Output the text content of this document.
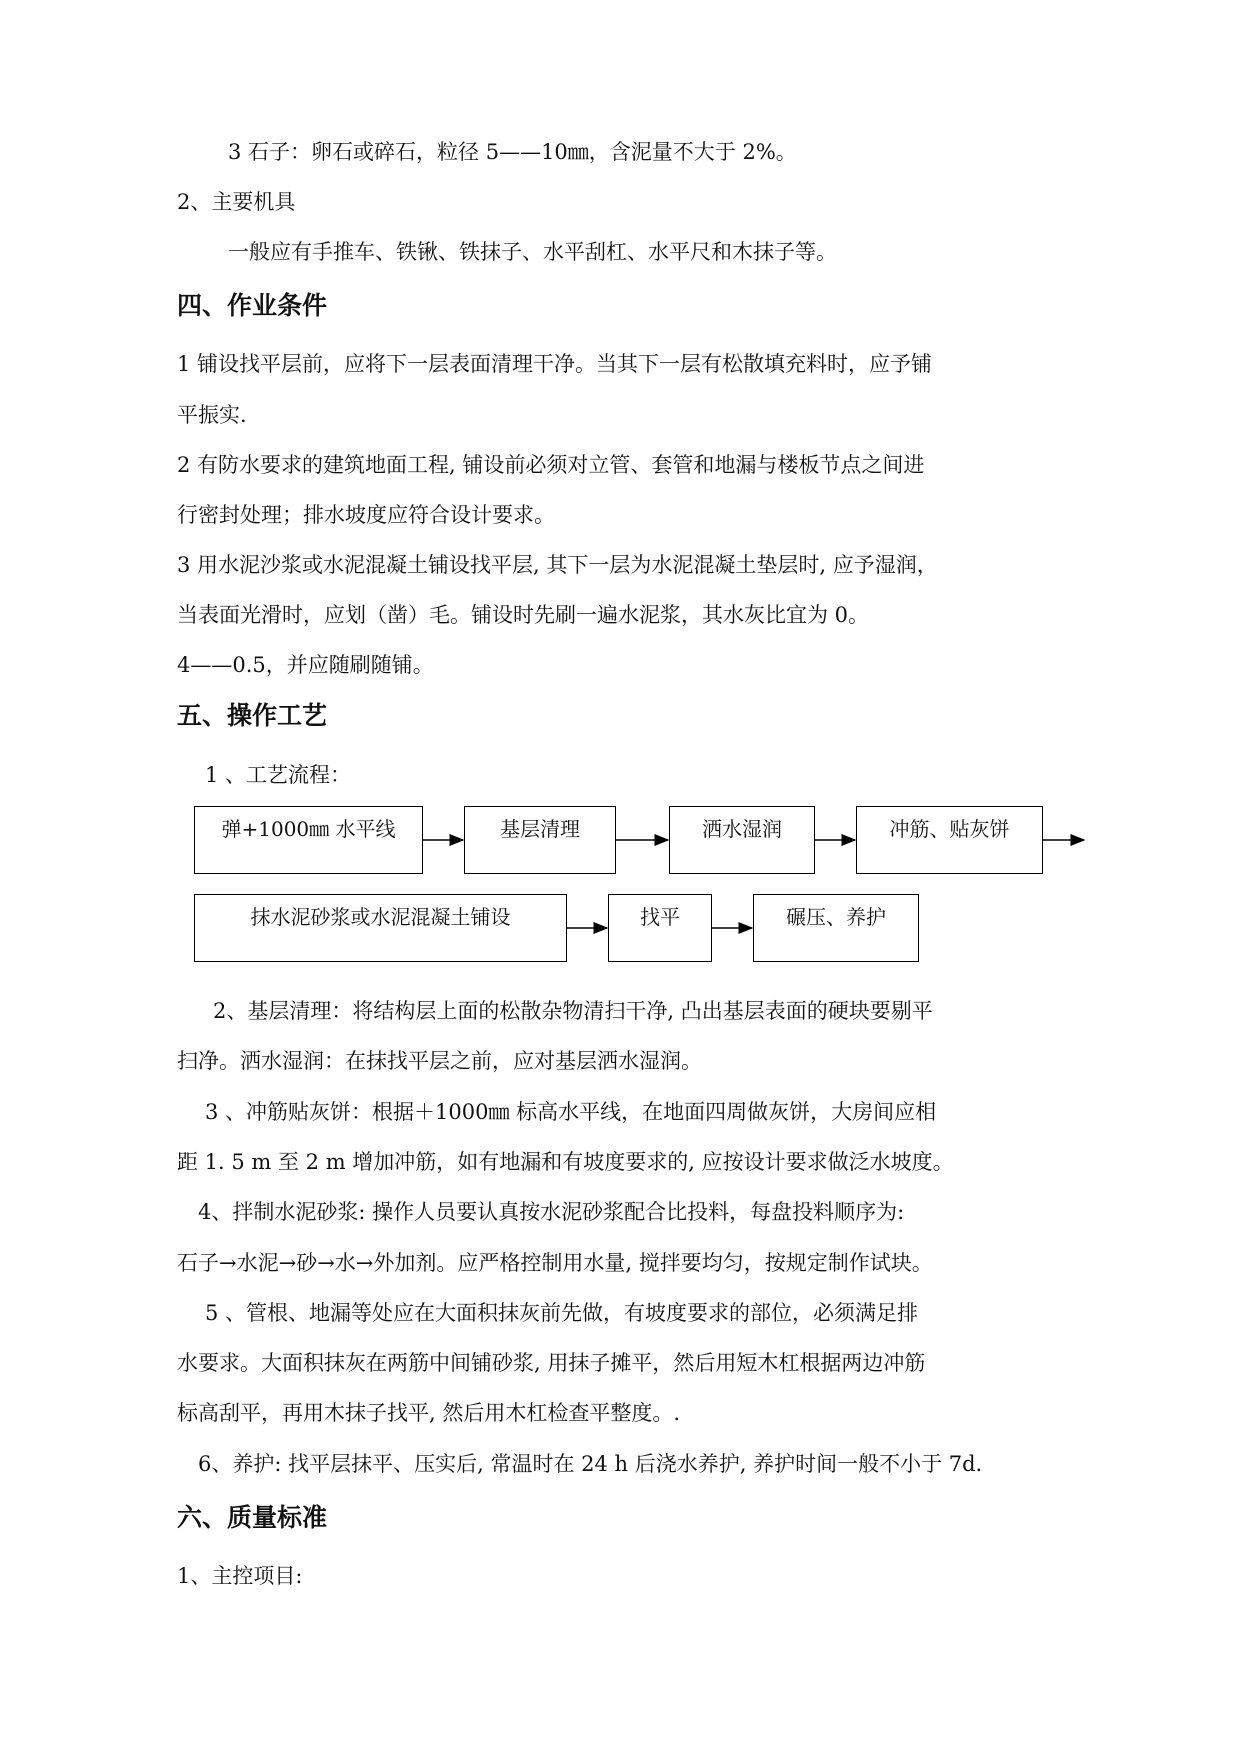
3 石子：卵石或碎石，粒径 5——10㎜，含泥量不大于 2%。
2、主要机具
一般应有手推车、铁锹、铁抹子、水平刮杠、水平尺和木抹子等。
四、作业条件
1 铺设找平层前，应将下一层表面清理干净。当其下一层有松散填充料时，应予铺
平振实.
2 有防水要求的建筑地面工程, 铺设前必须对立管、套管和地漏与楼板节点之间进
行密封处理；排水坡度应符合设计要求。
3 用水泥沙浆或水泥混凝土铺设找平层, 其下一层为水泥混凝土垫层时, 应予湿润，
当表面光滑时，应划（凿）毛。铺设时先刷一遍水泥浆，其水灰比宜为 0。
4——0.5，并应随刷随铺。
五、操作工艺
1 、工艺流程：
弹+1000㎜ 水平线	基层清理	洒水湿润	冲筋、贴灰饼
抹水泥砂浆或水泥混凝土铺设	找平	碾压、养护
2、基层清理：将结构层上面的松散杂物清扫干净, 凸出基层表面的硬块要剔平
扫净。洒水湿润：在抹找平层之前，应对基层洒水湿润。
3 、冲筋贴灰饼：根据＋1000㎜ 标高水平线，在地面四周做灰饼，大房间应相
距 1. 5 m 至 2 m 增加冲筋，如有地漏和有坡度要求的, 应按设计要求做泛水坡度。
4、拌制水泥砂浆: 操作人员要认真按水泥砂浆配合比投料，每盘投料顺序为:
石子→水泥→砂→水→外加剂。应严格控制用水量, 搅拌要均匀，按规定制作试块。
5 、管根、地漏等处应在大面积抹灰前先做，有坡度要求的部位，必须满足排
水要求。大面积抹灰在两筋中间铺砂浆, 用抹子摊平，然后用短木杠根据两边冲筋
标高刮平，再用木抹子找平, 然后用木杠检查平整度。.
6、养护: 找平层抹平、压实后, 常温时在 24 h 后浇水养护, 养护时间一般不小于 7d.
六、质量标准
1、主控项目:
